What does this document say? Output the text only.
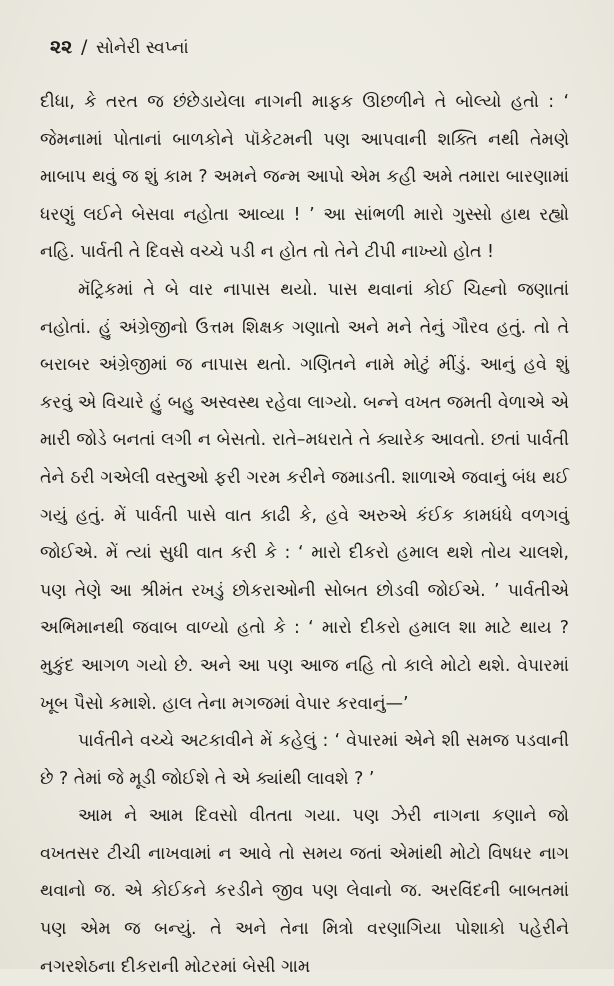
૨૨ / સોનેરી સ્વપ્નાં

દીધા, કે તરત જ છંછેડાયેલા નાગની માફક ઊછળીને તે બોલ્યો હતો : ‘ જેમનામાં પોતાનાં બાળકોને પૉકેટમની પણ આપવાની શક્તિ નથી તેમણે માબાપ થવું જ શું કામ ? અમને જન્મ આપો એમ કહી અમે તમારા બારણામાં ધરણું લઈને બેસવા નહોતા આવ્યા ! ’ આ સાંભળી મારો ગુસ્સો હાથ રહ્યો નહિ. પાર્વતી તે દિવસે વચ્ચે પડી ન હોત તો તેને ટીપી નાખ્યો હોત !

મૅટ્રિકમાં તે બે વાર નાપાસ થયો. પાસ થવાનાં કોઈ ચિહ્નો જણાતાં નહોતાં. હું અંગ્રેજીનો ઉત્તમ શિક્ષક ગણાતો અને મને તેનું ગૌરવ હતું. તો તે બરાબર અંગ્રેજીમાં જ નાપાસ થતો. ગણિતને નામે મોટું મીંડું. આનું હવે શું કરવું એ વિચારે હું બહુ અસ્વસ્થ રહેવા લાગ્યો. બન્ને વખત જમતી વેળાએ એ મારી જોડે બનતાં લગી ન બેસતો. રાતે–મધરાતે તે ક્યારેક આવતો. છતાં પાર્વતી તેને ઠરી ગએલી વસ્તુઓ ફરી ગરમ કરીને જમાડતી. શાળાએ જવાનું બંધ થઈ ગયું હતું. મેં પાર્વતી પાસે વાત કાઢી કે, હવે અરુએ કંઈક કામધંધે વળગવું જોઈએ. મેં ત્યાં સુધી વાત કરી કે : ‘ મારો દીકરો હમાલ થશે તોય ચાલશે, પણ તેણે આ શ્રીમંત રખડું છોકરાઓની સોબત છોડવી જોઈએ. ’ પાર્વતીએ અભિમાનથી જવાબ વાળ્યો હતો કે : ‘ મારો દીકરો હમાલ શા માટે થાય ? મુકુંદ આગળ ગયો છે. અને આ પણ આજ નહિ તો કાલે મોટો થશે. વેપારમાં ખૂબ પૈસો કમાશે. હાલ તેના મગજમાં વેપાર કરવાનું—’

પાર્વતીને વચ્ચે અટકાવીને મેં કહેલું : ‘ વેપારમાં એને શી સમજ પડવાની છે ? તેમાં જે મૂડી જોઈશે તે એ ક્યાંથી લાવશે ? ’

આમ ને આમ દિવસો વીતતા ગયા. પણ ઝેરી નાગના કણાને જો વખતસર ટીચી નાખવામાં ન આવે તો સમય જતાં એમાંથી મોટો વિષધર નાગ થવાનો જ. એ કોઈકને કરડીને જીવ પણ લેવાનો જ. અરવિંદની બાબતમાં પણ એમ જ બન્યું. તે અને તેના મિત્રો વરણાગિયા પોશાકો પહેરીને નગરશેઠના દીકરાની મોટરમાં બેસી ગામ
